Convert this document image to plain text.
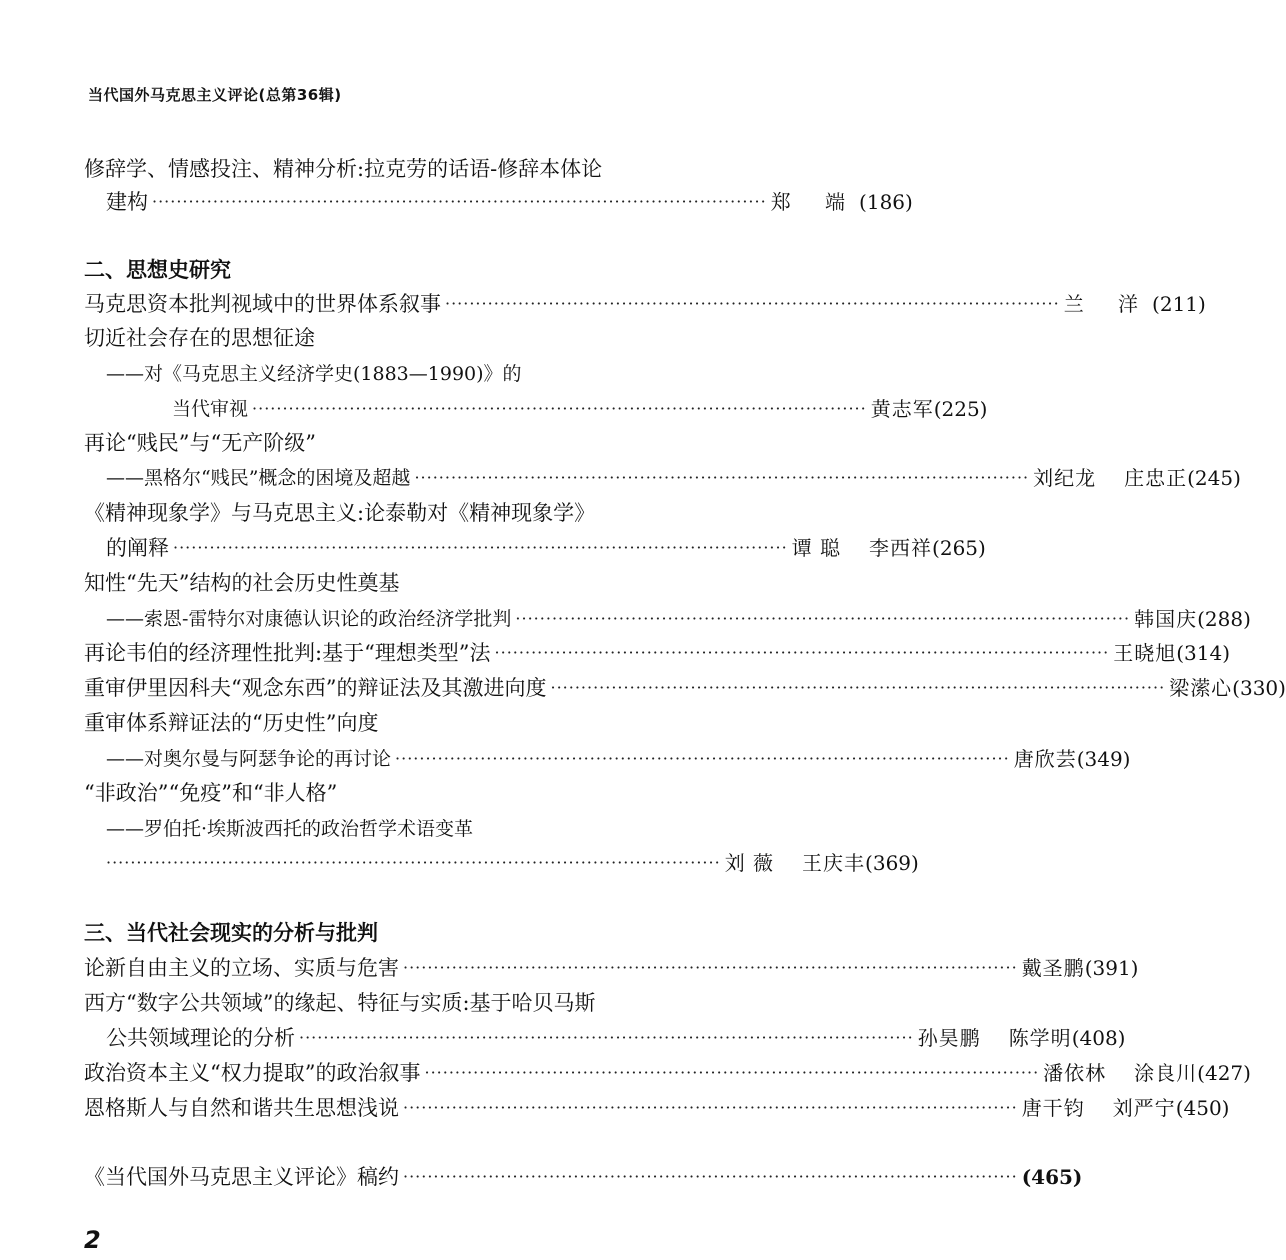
当代国外马克思主义评论(总第36辑)
修辞学、情感投注、精神分析:拉克劳的话语-修辞本体论
建构 ····································································································· 郑 端 (186)
二、思想史研究
马克思资本批判视域中的世界体系叙事 ····································································································· 兰 洋 (211)
切近社会存在的思想征途
——对《马克思主义经济学史(1883—1990)》的
当代审视 ····································································································· 黄志军 (225)
再论“贱民”与“无产阶级”
——黑格尔“贱民”概念的困境及超越 ····································································································· 刘纪龙 庄忠正 (245)
《精神现象学》与马克思主义:论泰勒对《精神现象学》
的阐释 ····································································································· 谭 聪 李西祥 (265)
知性“先天”结构的社会历史性奠基
——索恩-雷特尔对康德认识论的政治经济学批判 ····································································································· 韩国庆 (288)
再论韦伯的经济理性批判:基于“理想类型”法 ····································································································· 王晓旭 (314)
重审伊里因科夫“观念东西”的辩证法及其激进向度 ····································································································· 梁潆心 (330)
重审体系辩证法的“历史性”向度
——对奥尔曼与阿瑟争论的再讨论 ····································································································· 唐欣芸 (349)
“非政治”“免疫”和“非人格”
——罗伯托·埃斯波西托的政治哲学术语变革
····································································································· 刘 薇 王庆丰 (369)
三、当代社会现实的分析与批判
论新自由主义的立场、实质与危害 ····································································································· 戴圣鹏 (391)
西方“数字公共领域”的缘起、特征与实质:基于哈贝马斯
公共领域理论的分析 ····································································································· 孙昊鹏 陈学明 (408)
政治资本主义“权力提取”的政治叙事 ····································································································· 潘依林 涂良川 (427)
恩格斯人与自然和谐共生思想浅说 ····································································································· 唐干钧 刘严宁 (450)
《当代国外马克思主义评论》稿约 ····································································································· (465)
2
